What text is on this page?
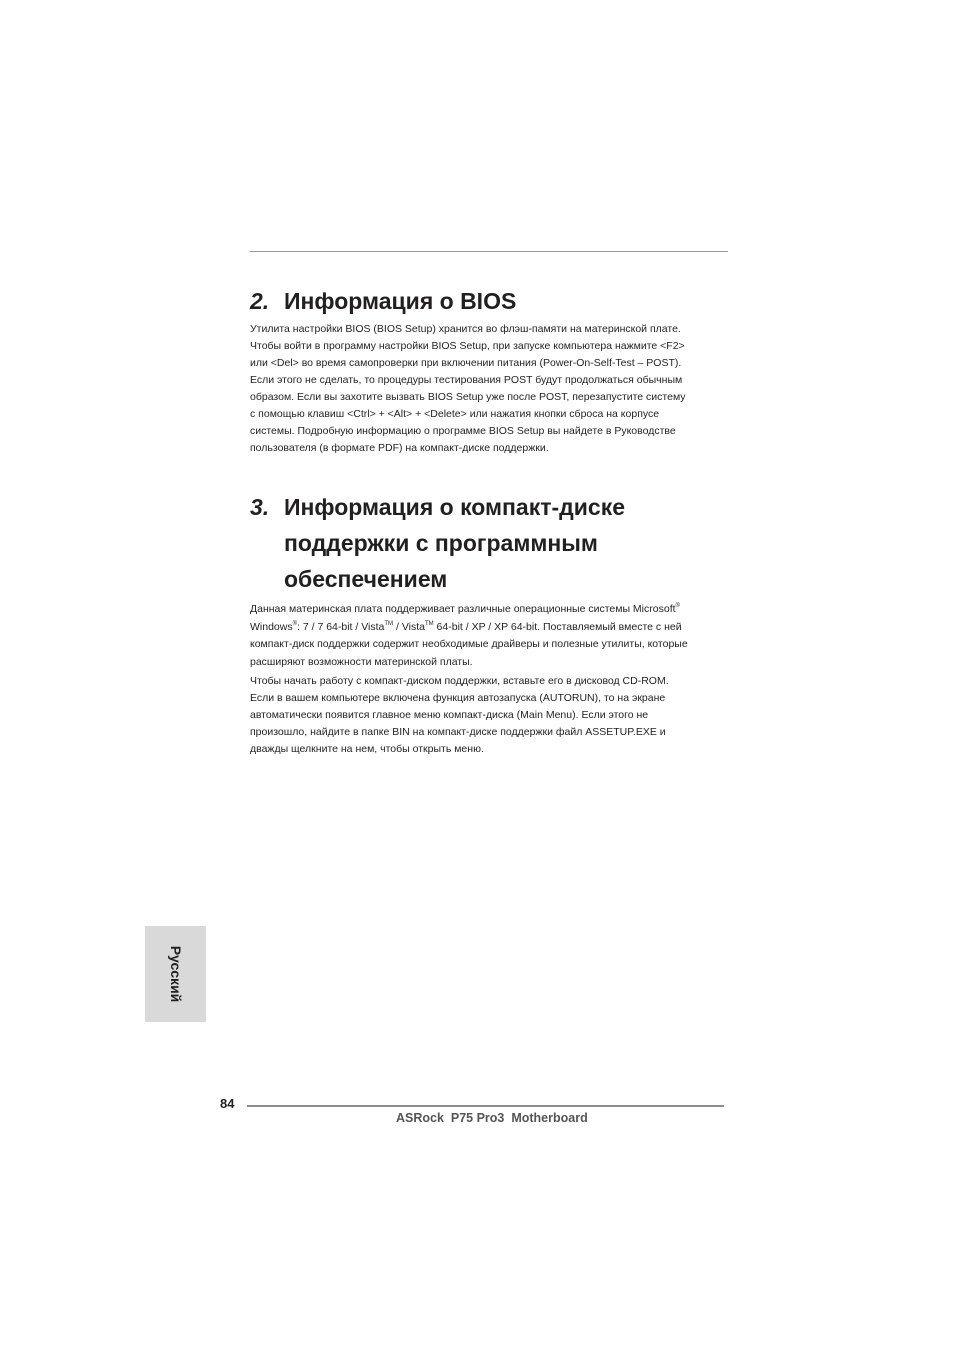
2. Информация о BIOS

Утилита настройки BIOS (BIOS Setup) хранится во флэш-памяти на материнской плате.
Чтобы войти в программу настройки BIOS Setup, при запуске компьютера нажмите <F2>
или <Del> во время самопроверки при включении питания (Power-On-Self-Test – POST).
Если этого не сделать, то процедуры тестирования POST будут продолжаться обычным
образом. Если вы захотите вызвать BIOS Setup уже после POST, перезапустите систему
с помощью клавиш <Ctrl> + <Alt> + <Delete> или нажатия кнопки сброса на корпусе
системы. Подробную информацию о программе BIOS Setup вы найдете в Руководстве
пользователя (в формате PDF) на компакт-диске поддержки.

3. Информация о компакт-диске
поддержки с программным
обеспечением

Данная материнская плата поддерживает различные операционные системы Microsoft®
Windows®: 7 / 7 64-bit / Vista™ / Vista™ 64-bit / XP / XP 64-bit. Поставляемый вместе с ней
компакт-диск поддержки содержит необходимые драйверы и полезные утилиты, которые
расширяют возможности материнской платы.

Чтобы начать работу с компакт-диском поддержки, вставьте его в дисковод CD-ROM.
Если в вашем компьютере включена функция автозапуска (AUTORUN), то на экране
автоматически появится главное меню компакт-диска (Main Menu). Если этого не
произошло, найдите в папке BIN на компакт-диске поддержки файл ASSETUP.EXE и
дважды щелкните на нем, чтобы открыть меню.

Русский
84
ASRock  P75 Pro3  Motherboard
